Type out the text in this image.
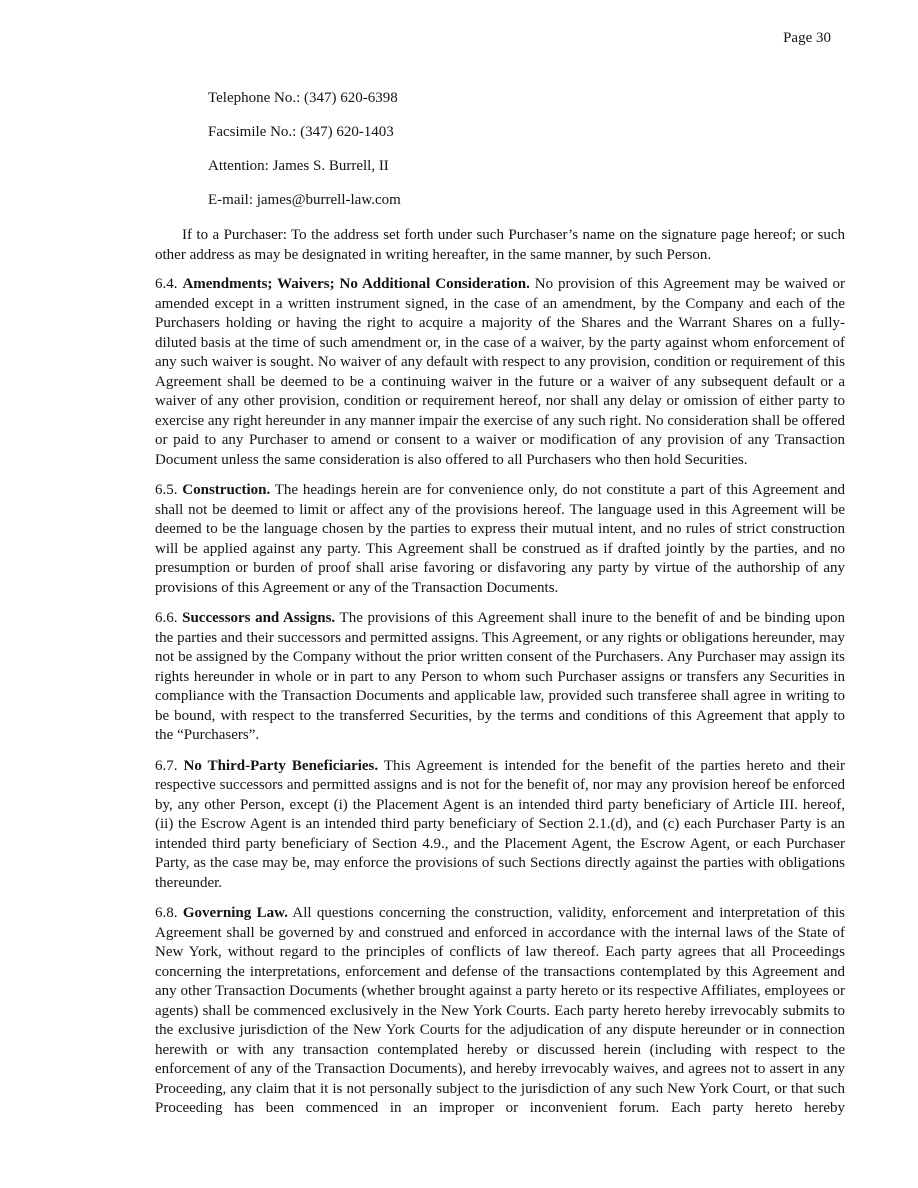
Page 30

Telephone No.: (347) 620-6398

Facsimile No.: (347) 620-1403

Attention: James S. Burrell, II

E-mail: james@burrell-law.com

If to a Purchaser: To the address set forth under such Purchaser’s name on the signature page hereof; or such other address as may be designated in writing hereafter, in the same manner, by such Person.

6.4. Amendments; Waivers; No Additional Consideration. No provision of this Agreement may be waived or amended except in a written instrument signed, in the case of an amendment, by the Company and each of the Purchasers holding or having the right to acquire a majority of the Shares and the Warrant Shares on a fully-diluted basis at the time of such amendment or, in the case of a waiver, by the party against whom enforcement of any such waiver is sought. No waiver of any default with respect to any provision, condition or requirement of this Agreement shall be deemed to be a continuing waiver in the future or a waiver of any subsequent default or a waiver of any other provision, condition or requirement hereof, nor shall any delay or omission of either party to exercise any right hereunder in any manner impair the exercise of any such right. No consideration shall be offered or paid to any Purchaser to amend or consent to a waiver or modification of any provision of any Transaction Document unless the same consideration is also offered to all Purchasers who then hold Securities.

6.5. Construction. The headings herein are for convenience only, do not constitute a part of this Agreement and shall not be deemed to limit or affect any of the provisions hereof. The language used in this Agreement will be deemed to be the language chosen by the parties to express their mutual intent, and no rules of strict construction will be applied against any party. This Agreement shall be construed as if drafted jointly by the parties, and no presumption or burden of proof shall arise favoring or disfavoring any party by virtue of the authorship of any provisions of this Agreement or any of the Transaction Documents.

6.6. Successors and Assigns. The provisions of this Agreement shall inure to the benefit of and be binding upon the parties and their successors and permitted assigns. This Agreement, or any rights or obligations hereunder, may not be assigned by the Company without the prior written consent of the Purchasers. Any Purchaser may assign its rights hereunder in whole or in part to any Person to whom such Purchaser assigns or transfers any Securities in compliance with the Transaction Documents and applicable law, provided such transferee shall agree in writing to be bound, with respect to the transferred Securities, by the terms and conditions of this Agreement that apply to the “Purchasers”.

6.7. No Third-Party Beneficiaries. This Agreement is intended for the benefit of the parties hereto and their respective successors and permitted assigns and is not for the benefit of, nor may any provision hereof be enforced by, any other Person, except (i) the Placement Agent is an intended third party beneficiary of Article III. hereof, (ii) the Escrow Agent is an intended third party beneficiary of Section 2.1.(d), and (c) each Purchaser Party is an intended third party beneficiary of Section 4.9., and the Placement Agent, the Escrow Agent, or each Purchaser Party, as the case may be, may enforce the provisions of such Sections directly against the parties with obligations thereunder.

6.8. Governing Law. All questions concerning the construction, validity, enforcement and interpretation of this Agreement shall be governed by and construed and enforced in accordance with the internal laws of the State of New York, without regard to the principles of conflicts of law thereof. Each party agrees that all Proceedings concerning the interpretations, enforcement and defense of the transactions contemplated by this Agreement and any other Transaction Documents (whether brought against a party hereto or its respective Affiliates, employees or agents) shall be commenced exclusively in the New York Courts. Each party hereto hereby irrevocably submits to the exclusive jurisdiction of the New York Courts for the adjudication of any dispute hereunder or in connection herewith or with any transaction contemplated hereby or discussed herein (including with respect to the enforcement of any of the Transaction Documents), and hereby irrevocably waives, and agrees not to assert in any Proceeding, any claim that it is not personally subject to the jurisdiction of any such New York Court, or that such Proceeding has been commenced in an improper or inconvenient forum. Each party hereto hereby
